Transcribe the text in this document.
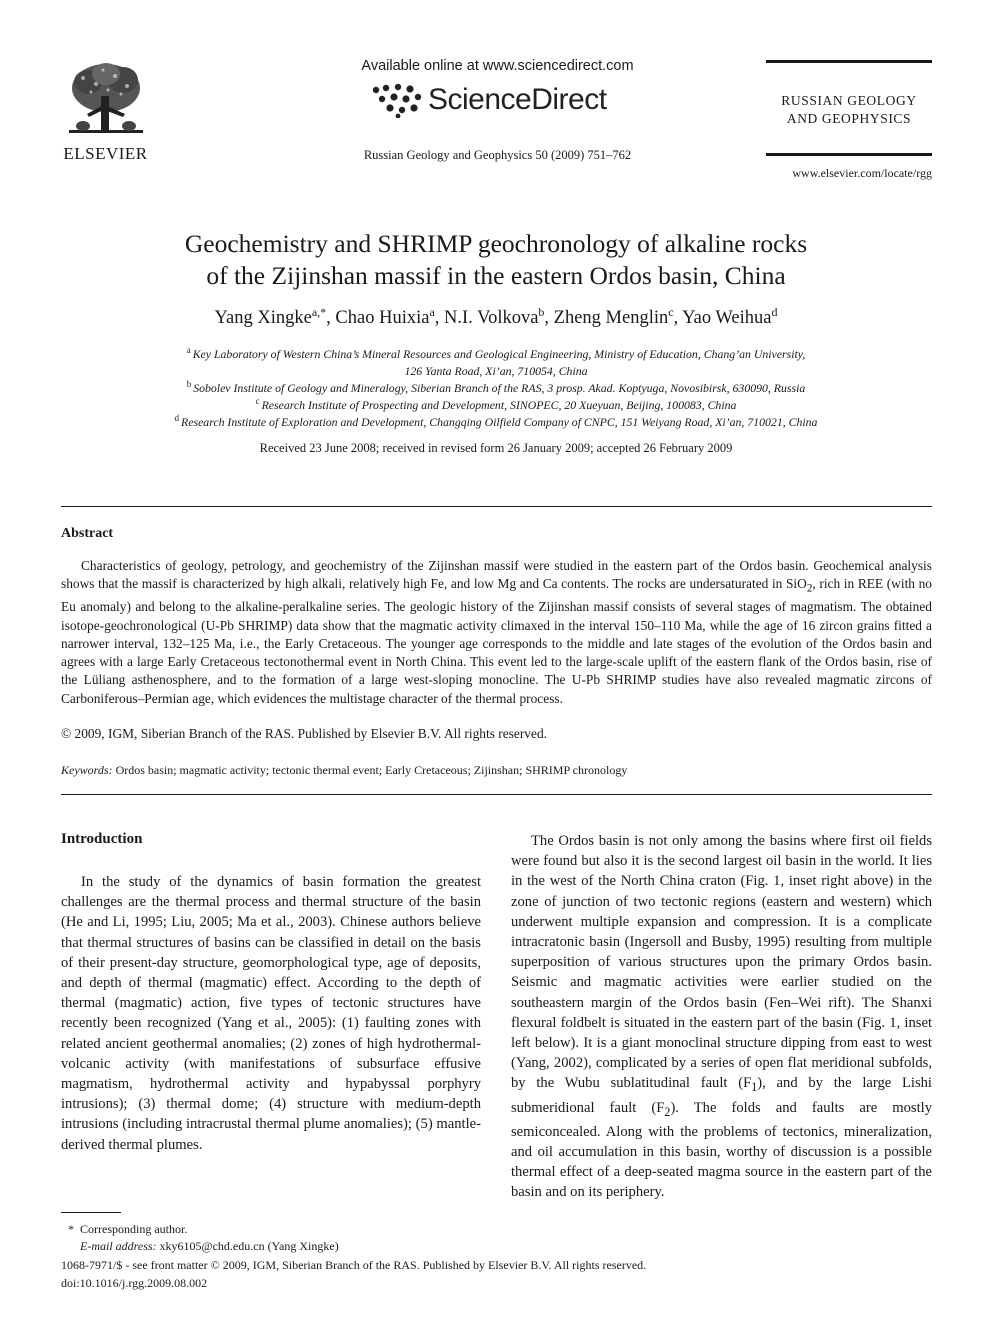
ELSEVIER
Available online at www.sciencedirect.com
ScienceDirect
Russian Geology and Geophysics 50 (2009) 751–762
RUSSIAN GEOLOGY
AND GEOPHYSICS
www.elsevier.com/locate/rgg
Geochemistry and SHRIMP geochronology of alkaline rocks
of the Zijinshan massif in the eastern Ordos basin, China
Yang Xingke$^{a,*}$, Chao Huixia$^a$, N.I. Volkova$^b$, Zheng Menglin$^c$, Yao Weihua$^d$
$^a$ Key Laboratory of Western China’s Mineral Resources and Geological Engineering, Ministry of Education, Chang’an University,
126 Yanta Road, Xi’an, 710054, China
$^b$ Sobolev Institute of Geology and Mineralogy, Siberian Branch of the RAS, 3 prosp. Akad. Koptyuga, Novosibirsk, 630090, Russia
$^c$ Research Institute of Prospecting and Development, SINOPEC, 20 Xueyuan, Beijing, 100083, China
$^d$ Research Institute of Exploration and Development, Changqing Oilfield Company of CNPC, 151 Weiyang Road, Xi’an, 710021, China
Received 23 June 2008; received in revised form 26 January 2009; accepted 26 February 2009
Abstract
Characteristics of geology, petrology, and geochemistry of the Zijinshan massif were studied in the eastern part of the Ordos basin. Geochemical analysis shows that the massif is characterized by high alkali, relatively high Fe, and low Mg and Ca contents. The rocks are undersaturated in SiO$_2$, rich in REE (with no Eu anomaly) and belong to the alkaline-peralkaline series. The geologic history of the Zijinshan massif consists of several stages of magmatism. The obtained isotope-geochronological (U-Pb SHRIMP) data show that the magmatic activity climaxed in the interval 150–110 Ma, while the age of 16 zircon grains fitted a narrower interval, 132–125 Ma, i.e., the Early Cretaceous. The younger age corresponds to the middle and late stages of the evolution of the Ordos basin and agrees with a large Early Cretaceous tectonothermal event in North China. This event led to the large-scale uplift of the eastern flank of the Ordos basin, rise of the Lüliang asthenosphere, and to the formation of a large west-sloping monocline. The U-Pb SHRIMP studies have also revealed magmatic zircons of Carboniferous–Permian age, which evidences the multistage character of the thermal process.
© 2009, IGM, Siberian Branch of the RAS. Published by Elsevier B.V. All rights reserved.
Keywords: Ordos basin; magmatic activity; tectonic thermal event; Early Cretaceous; Zijinshan; SHRIMP chronology
Introduction
In the study of the dynamics of basin formation the greatest challenges are the thermal process and thermal structure of the basin (He and Li, 1995; Liu, 2005; Ma et al., 2003). Chinese authors believe that thermal structures of basins can be classified in detail on the basis of their present-day structure, geomorphological type, age of deposits, and depth of thermal (magmatic) effect. According to the depth of thermal (magmatic) action, five types of tectonic structures have recently been recognized (Yang et al., 2005): (1) faulting zones with related ancient geothermal anomalies; (2) zones of high hydrothermal-volcanic activity (with manifestations of subsurface effusive magmatism, hydrothermal activity and hypabyssal porphyry intrusions); (3) thermal dome; (4) structure with medium-depth intrusions (including intracrustal thermal plume anomalies); (5) mantle-derived thermal plumes.
The Ordos basin is not only among the basins where first oil fields were found but also it is the second largest oil basin in the world. It lies in the west of the North China craton (Fig. 1, inset right above) in the zone of junction of two tectonic regions (eastern and western) which underwent multiple expansion and compression. It is a complicate intracratonic basin (Ingersoll and Busby, 1995) resulting from multiple superposition of various structures upon the primary Ordos basin. Seismic and magmatic activities were earlier studied on the southeastern margin of the Ordos basin (Fen–Wei rift). The Shanxi flexural foldbelt is situated in the eastern part of the basin (Fig. 1, inset left below). It is a giant monoclinal structure dipping from east to west (Yang, 2002), complicated by a series of open flat meridional subfolds, by the Wubu sublatitudinal fault $(F_1)$, and by the large Lishi submeridional fault $(F_2)$. The folds and faults are mostly semiconcealed. Along with the problems of tectonics, mineralization, and oil accumulation in this basin, worthy of discussion is a possible thermal effect of a deep-seated magma source in the eastern part of the basin and on its periphery.
* Corresponding author.
E-mail address: xky6105@chd.edu.cn (Yang Xingke)
1068-7971/$ - see front matter © 2009, IGM, Siberian Branch of the RAS. Published by Elsevier B.V. All rights reserved.
doi:10.1016/j.rgg.2009.08.002
